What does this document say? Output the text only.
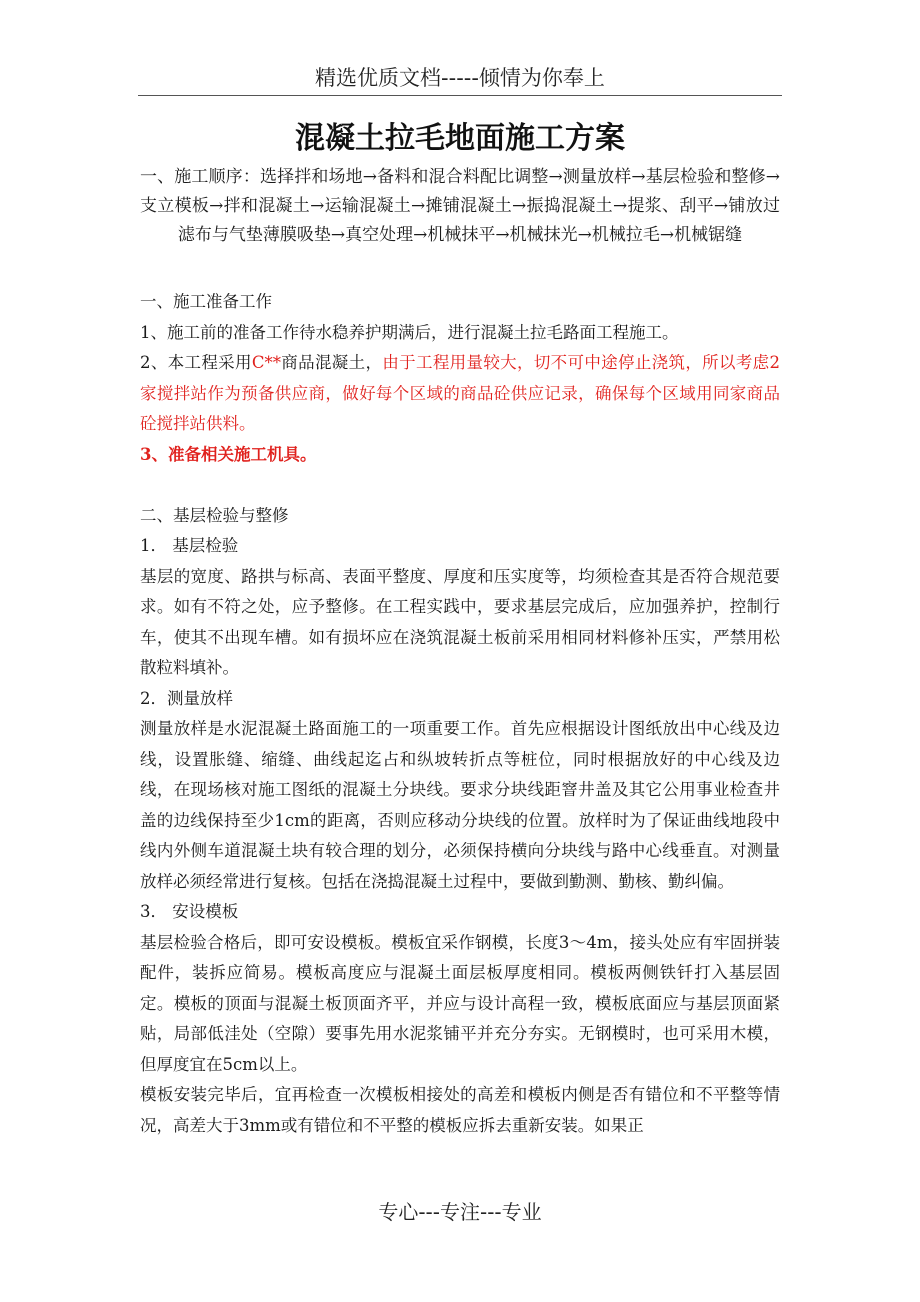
精选优质文档-----倾情为你奉上
混凝土拉毛地面施工方案
一、施工顺序：选择拌和场地→备料和混合料配比调整→测量放样→基层检验和整修→支立模板→拌和混凝土→运输混凝土→摊铺混凝土→振捣混凝土→提浆、刮平→铺放过滤布与气垫薄膜吸垫→真空处理→机械抹平→机械抹光→机械拉毛→机械锯缝

一、施工准备工作

1、施工前的准备工作待水稳养护期满后，进行混凝土拉毛路面工程施工。

2、本工程采用C**商品混凝土，由于工程用量较大，切不可中途停止浇筑，所以考虑2家搅拌站作为预备供应商，做好每个区域的商品砼供应记录，确保每个区域用同家商品砼搅拌站供料。

3、准备相关施工机具。

二、基层检验与整修

1． 基层检验

基层的宽度、路拱与标高、表面平整度、厚度和压实度等，均须检查其是否符合规范要求。如有不符之处，应予整修。在工程实践中，要求基层完成后，应加强养护，控制行车，使其不出现车槽。如有损坏应在浇筑混凝土板前采用相同材料修补压实，严禁用松散粒料填补。

2．测量放样

测量放样是水泥混凝土路面施工的一项重要工作。首先应根据设计图纸放出中心线及边线，设置胀缝、缩缝、曲线起迄占和纵坡转折点等桩位，同时根据放好的中心线及边线，在现场核对施工图纸的混凝土分块线。要求分块线距窨井盖及其它公用事业检查井盖的边线保持至少1cm的距离，否则应移动分块线的位置。放样时为了保证曲线地段中线内外侧车道混凝土块有较合理的划分，必须保持横向分块线与路中心线垂直。对测量放样必须经常进行复核。包括在浇捣混凝土过程中，要做到勤测、勤核、勤纠偏。

3． 安设模板

基层检验合格后，即可安设模板。模板宜采作钢模，长度3～4m，接头处应有牢固拼装配件，装拆应简易。模板高度应与混凝土面层板厚度相同。模板两侧铁钎打入基层固定。模板的顶面与混凝土板顶面齐平，并应与设计高程一致，模板底面应与基层顶面紧贴，局部低洼处（空隙）要事先用水泥浆铺平并充分夯实。无钢模时，也可采用木模，但厚度宜在5cm以上。

模板安装完毕后，宜再检查一次模板相接处的高差和模板内侧是否有错位和不平整等情况，高差大于3mm或有错位和不平整的模板应拆去重新安装。如果正

专心---专注---专业
